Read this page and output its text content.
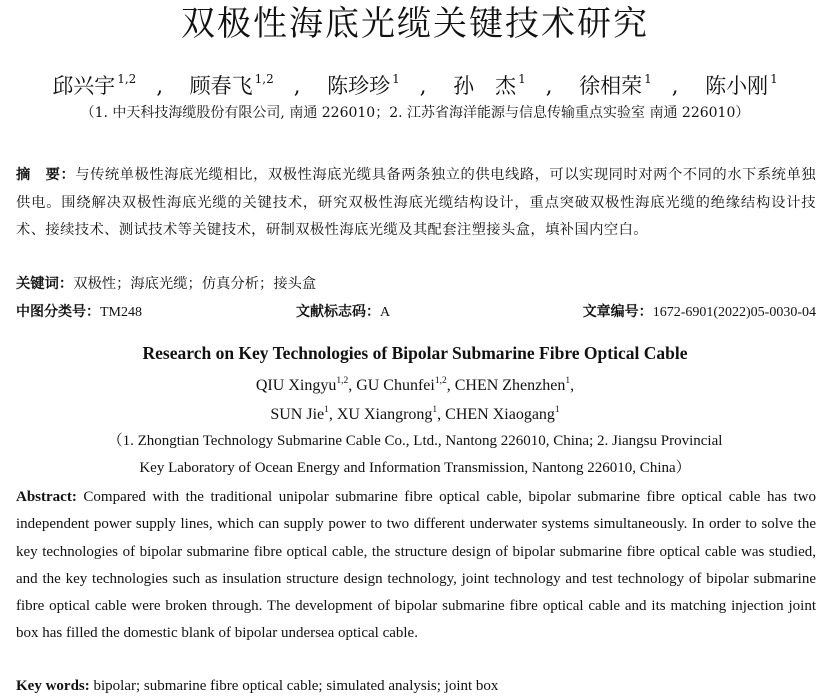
双极性海底光缆关键技术研究
邱兴宇 $^{1,2}$ , 顾春飞 $^{1,2}$ , 陈珍珍 $^1$ , 孙　杰 $^1$ , 徐相荣 $^1$ , 陈小刚 $^1$
（1. 中天科技海缆股份有限公司, 南通 226010；2. 江苏省海洋能源与信息传输重点实验室 南通 226010）
摘　要：与传统单极性海底光缆相比，双极性海底光缆具备两条独立的供电线路，可以实现同时对两个不同的水下系统单独供电。围绕解决双极性海底光缆的关键技术，研究双极性海底光缆结构设计，重点突破双极性海底光缆的绝缘结构设计技术、接续技术、测试技术等关键技术，研制双极性海底光缆及其配套注塑接头盒，填补国内空白。
关键词：双极性；海底光缆；仿真分析；接头盒
中图分类号：TM248	文献标志码：A	文章编号：1672-6901(2022)05-0030-04
Research on Key Technologies of Bipolar Submarine Fibre Optical Cable
QIU Xingyu$^{1,2}$, GU Chunfei$^{1,2}$, CHEN Zhenzhen$^1$,
SUN Jie$^1$, XU Xiangrong$^1$, CHEN Xiaogang$^1$
（1. Zhongtian Technology Submarine Cable Co., Ltd., Nantong 226010, China; 2. Jiangsu Provincial
Key Laboratory of Ocean Energy and Information Transmission, Nantong 226010, China）
Abstract: Compared with the traditional unipolar submarine fibre optical cable, bipolar submarine fibre optical cable has two independent power supply lines, which can supply power to two different underwater systems simultaneously. In order to solve the key technologies of bipolar submarine fibre optical cable, the structure design of bipolar submarine fibre optical cable was studied, and the key technologies such as insulation structure design technology, joint technology and test technology of bipolar submarine fibre optical cable were broken through. The development of bipolar submarine fibre optical cable and its matching injection joint box has filled the domestic blank of bipolar undersea optical cable.
Key words: bipolar; submarine fibre optical cable; simulated analysis; joint box
